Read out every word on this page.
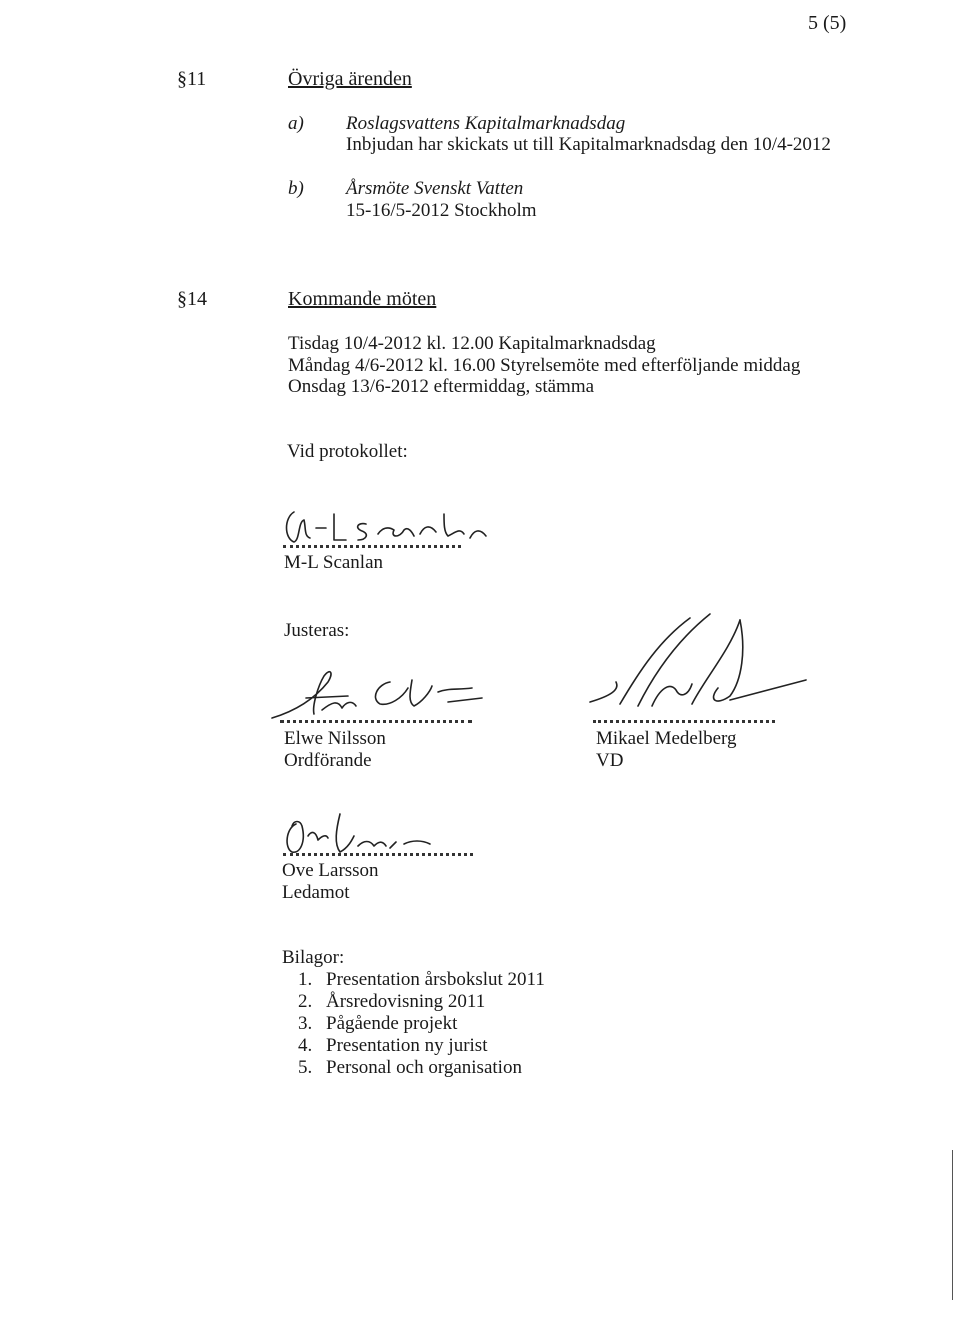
5 (5)
§11	Övriga ärenden
a) Roslagsvattens Kapitalmarknadsdag
Inbjudan har skickats ut till Kapitalmarknadsdag den 10/4-2012
b) Årsmöte Svenskt Vatten
15-16/5-2012 Stockholm
§14	Kommande möten
Tisdag 10/4-2012 kl. 12.00 Kapitalmarknadsdag
Måndag 4/6-2012 kl. 16.00 Styrelsemöte med efterföljande middag
Onsdag 13/6-2012 eftermiddag, stämma
Vid protokollet:
M-L Scanlan
Justeras:
Elwe Nilsson
Ordförande
Mikael Medelberg
VD
Ove Larsson
Ledamot
Bilagor:
1. Presentation årsbokslut 2011
2. Årsredovisning 2011
3. Pågående projekt
4. Presentation ny jurist
5. Personal och organisation
